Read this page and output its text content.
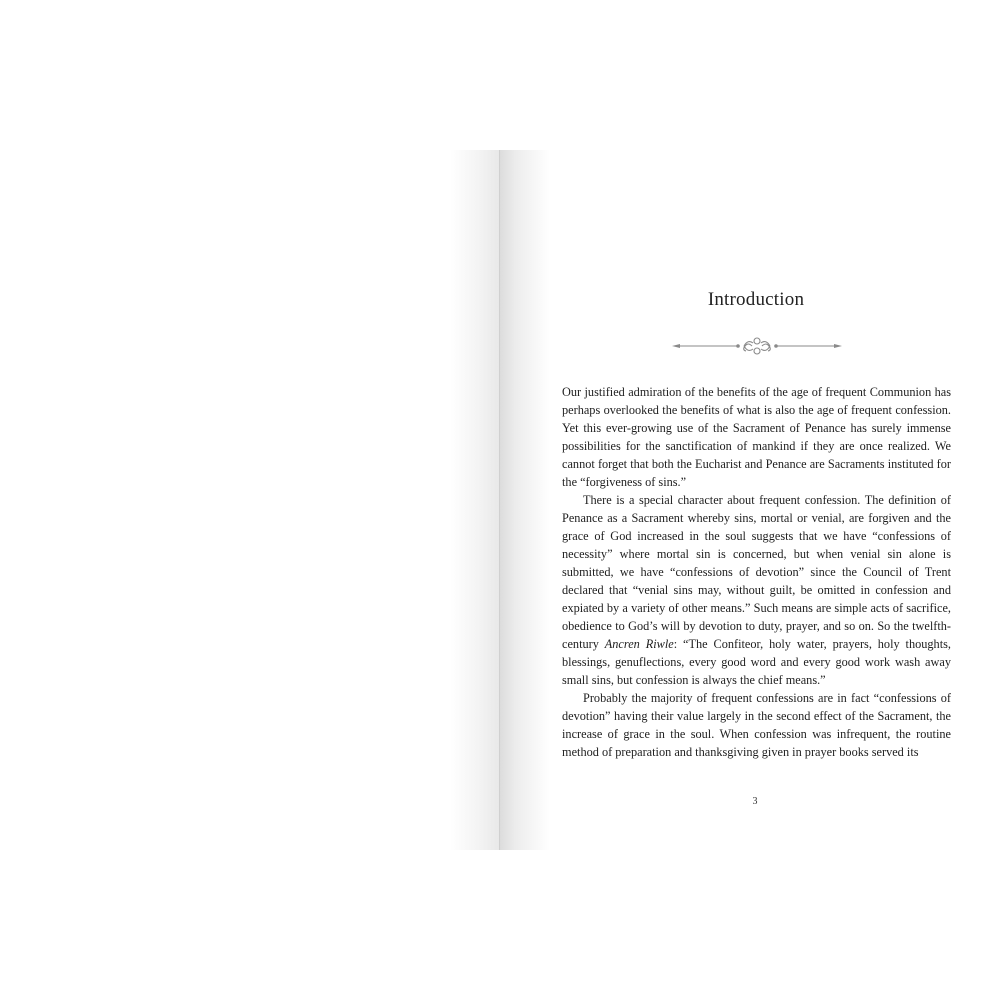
Introduction

Our justified admiration of the benefits of the age of frequent Communion has perhaps overlooked the benefits of what is also the age of frequent confession. Yet this ever-growing use of the Sacrament of Penance has surely immense possibilities for the sanctification of mankind if they are once realized. We cannot forget that both the Eucharist and Penance are Sacraments instituted for the “forgiveness of sins.”

There is a special character about frequent confession. The definition of Penance as a Sacrament whereby sins, mortal or venial, are forgiven and the grace of God increased in the soul suggests that we have “confessions of necessity” where mortal sin is concerned, but when venial sin alone is submitted, we have “confessions of devotion” since the Council of Trent declared that “venial sins may, without guilt, be omitted in confession and expiated by a variety of other means.” Such means are simple acts of sacrifice, obedience to God’s will by devotion to duty, prayer, and so on. So the twelfth-century Ancren Riwle: “The Confiteor, holy water, prayers, holy thoughts, blessings, genuflections, every good word and every good work wash away small sins, but confession is always the chief means.”

Probably the majority of frequent confessions are in fact “confessions of devotion” having their value largely in the second effect of the Sacrament, the increase of grace in the soul. When confession was infrequent, the routine method of preparation and thanksgiving given in prayer books served its

3
